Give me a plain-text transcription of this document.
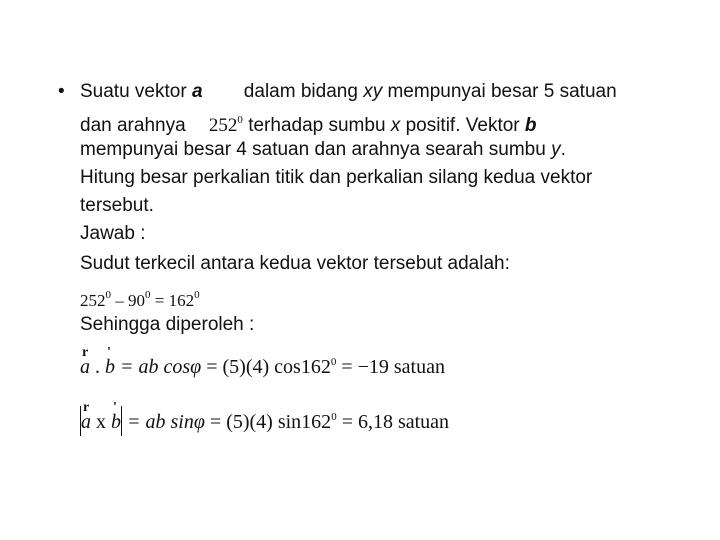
• Suatu vektor a dalam bidang xy mempunyai besar 5 satuan
dan arahnya $252^0$ terhadap sumbu x positif. Vektor b
mempunyai besar 4 satuan dan arahnya searah sumbu y.
Hitung besar perkalian titik dan perkalian silang kedua vektor
tersebut.
Jawab :
Sudut terkecil antara kedua vektor tersebut adalah:
$252^0 - 90^0 = 162^0$
Sehingga diperoleh :
r
a .
'
b = ab cosφ = (5)(4) $\cos 162^0 = -19$ satuan
r
a x
'
b = ab sinφ = (5)(4) $\sin 162^0 = 6,18$ satuan
